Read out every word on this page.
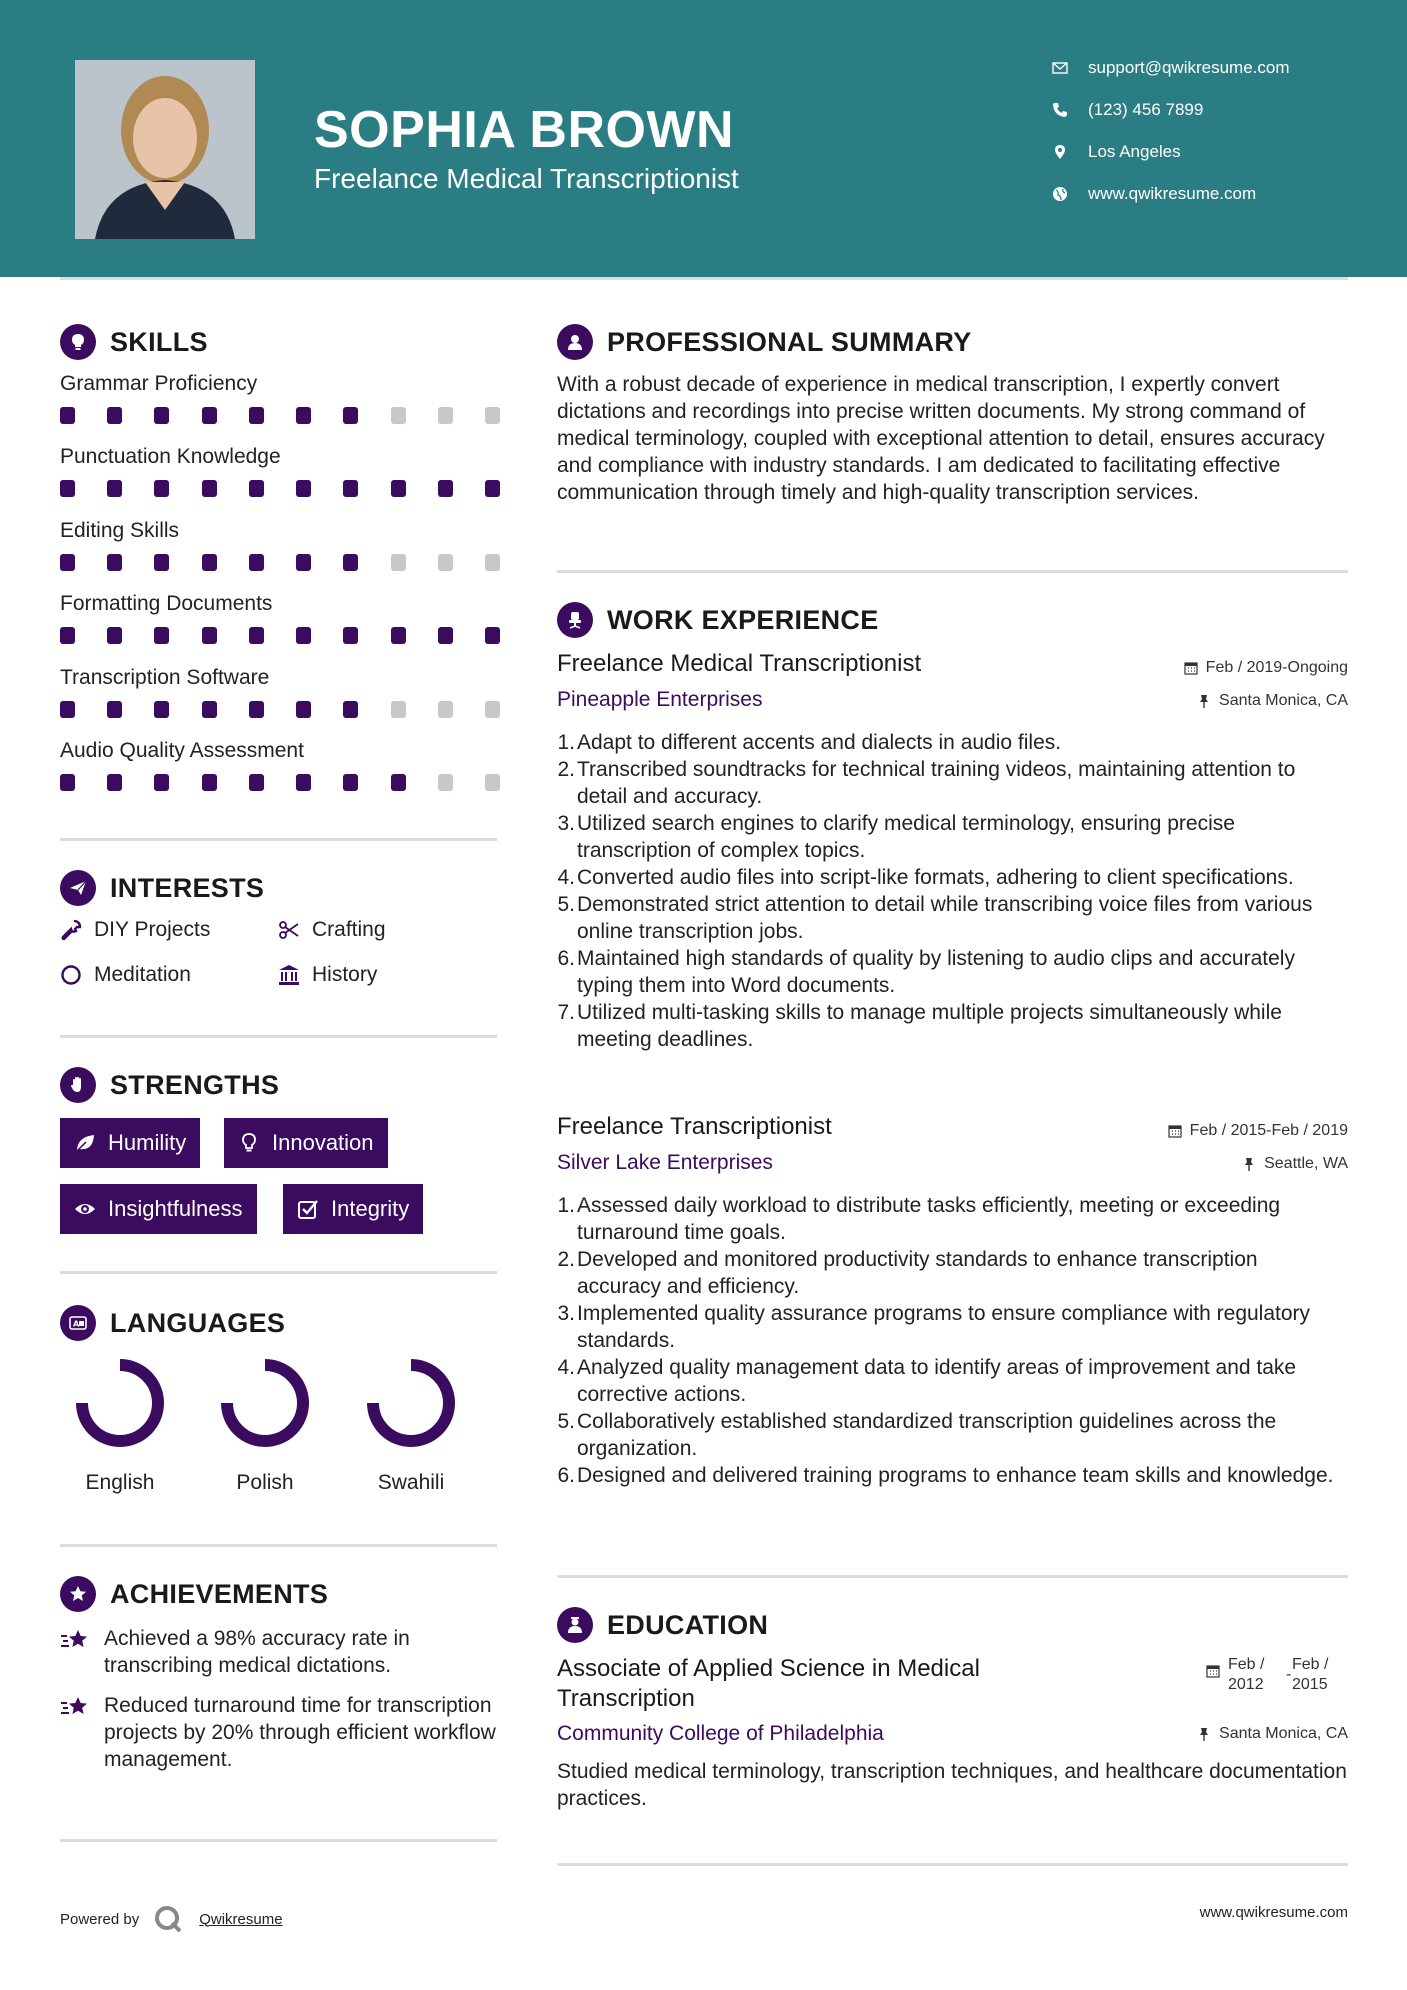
SOPHIA BROWN
Freelance Medical Transcriptionist
support@qwikresume.com
(123) 456 7899
Los Angeles
www.qwikresume.com
SKILLS
Grammar Proficiency
Punctuation Knowledge
Editing Skills
Formatting Documents
Transcription Software
Audio Quality Assessment
INTERESTS
DIY Projects	Crafting
Meditation	History
STRENGTHS
Humility	Innovation
Insightfulness	Integrity
A LANGUAGES
English	Polish	Swahili
ACHIEVEMENTS
Achieved a 98% accuracy rate in transcribing medical dictations.
Reduced turnaround time for transcription projects by 20% through efficient workflow management.
PROFESSIONAL SUMMARY
With a robust decade of experience in medical transcription, I expertly convert dictations and recordings into precise written documents. My strong command of medical terminology, coupled with exceptional attention to detail, ensures accuracy and compliance with industry standards. I am dedicated to facilitating effective communication through timely and high-quality transcription services.
WORK EXPERIENCE
Freelance Medical Transcriptionist	Feb / 2019-Ongoing
Pineapple Enterprises	Santa Monica, CA
1. Adapt to different accents and dialects in audio files.
2. Transcribed soundtracks for technical training videos, maintaining attention to detail and accuracy.
3. Utilized search engines to clarify medical terminology, ensuring precise transcription of complex topics.
4. Converted audio files into script-like formats, adhering to client specifications.
5. Demonstrated strict attention to detail while transcribing voice files from various online transcription jobs.
6. Maintained high standards of quality by listening to audio clips and accurately typing them into Word documents.
7. Utilized multi-tasking skills to manage multiple projects simultaneously while meeting deadlines.
Freelance Transcriptionist	Feb / 2015-Feb / 2019
Silver Lake Enterprises	Seattle, WA
1. Assessed daily workload to distribute tasks efficiently, meeting or exceeding turnaround time goals.
2. Developed and monitored productivity standards to enhance transcription accuracy and efficiency.
3. Implemented quality assurance programs to ensure compliance with regulatory standards.
4. Analyzed quality management data to identify areas of improvement and take corrective actions.
5. Collaboratively established standardized transcription guidelines across the organization.
6. Designed and delivered training programs to enhance team skills and knowledge.
EDUCATION
Associate of Applied Science in Medical Transcription
Feb / 2012
-
Feb / 2015
Community College of Philadelphia	Santa Monica, CA
Studied medical terminology, transcription techniques, and healthcare documentation practices.
Powered by	Qwikresume	www.qwikresume.com
